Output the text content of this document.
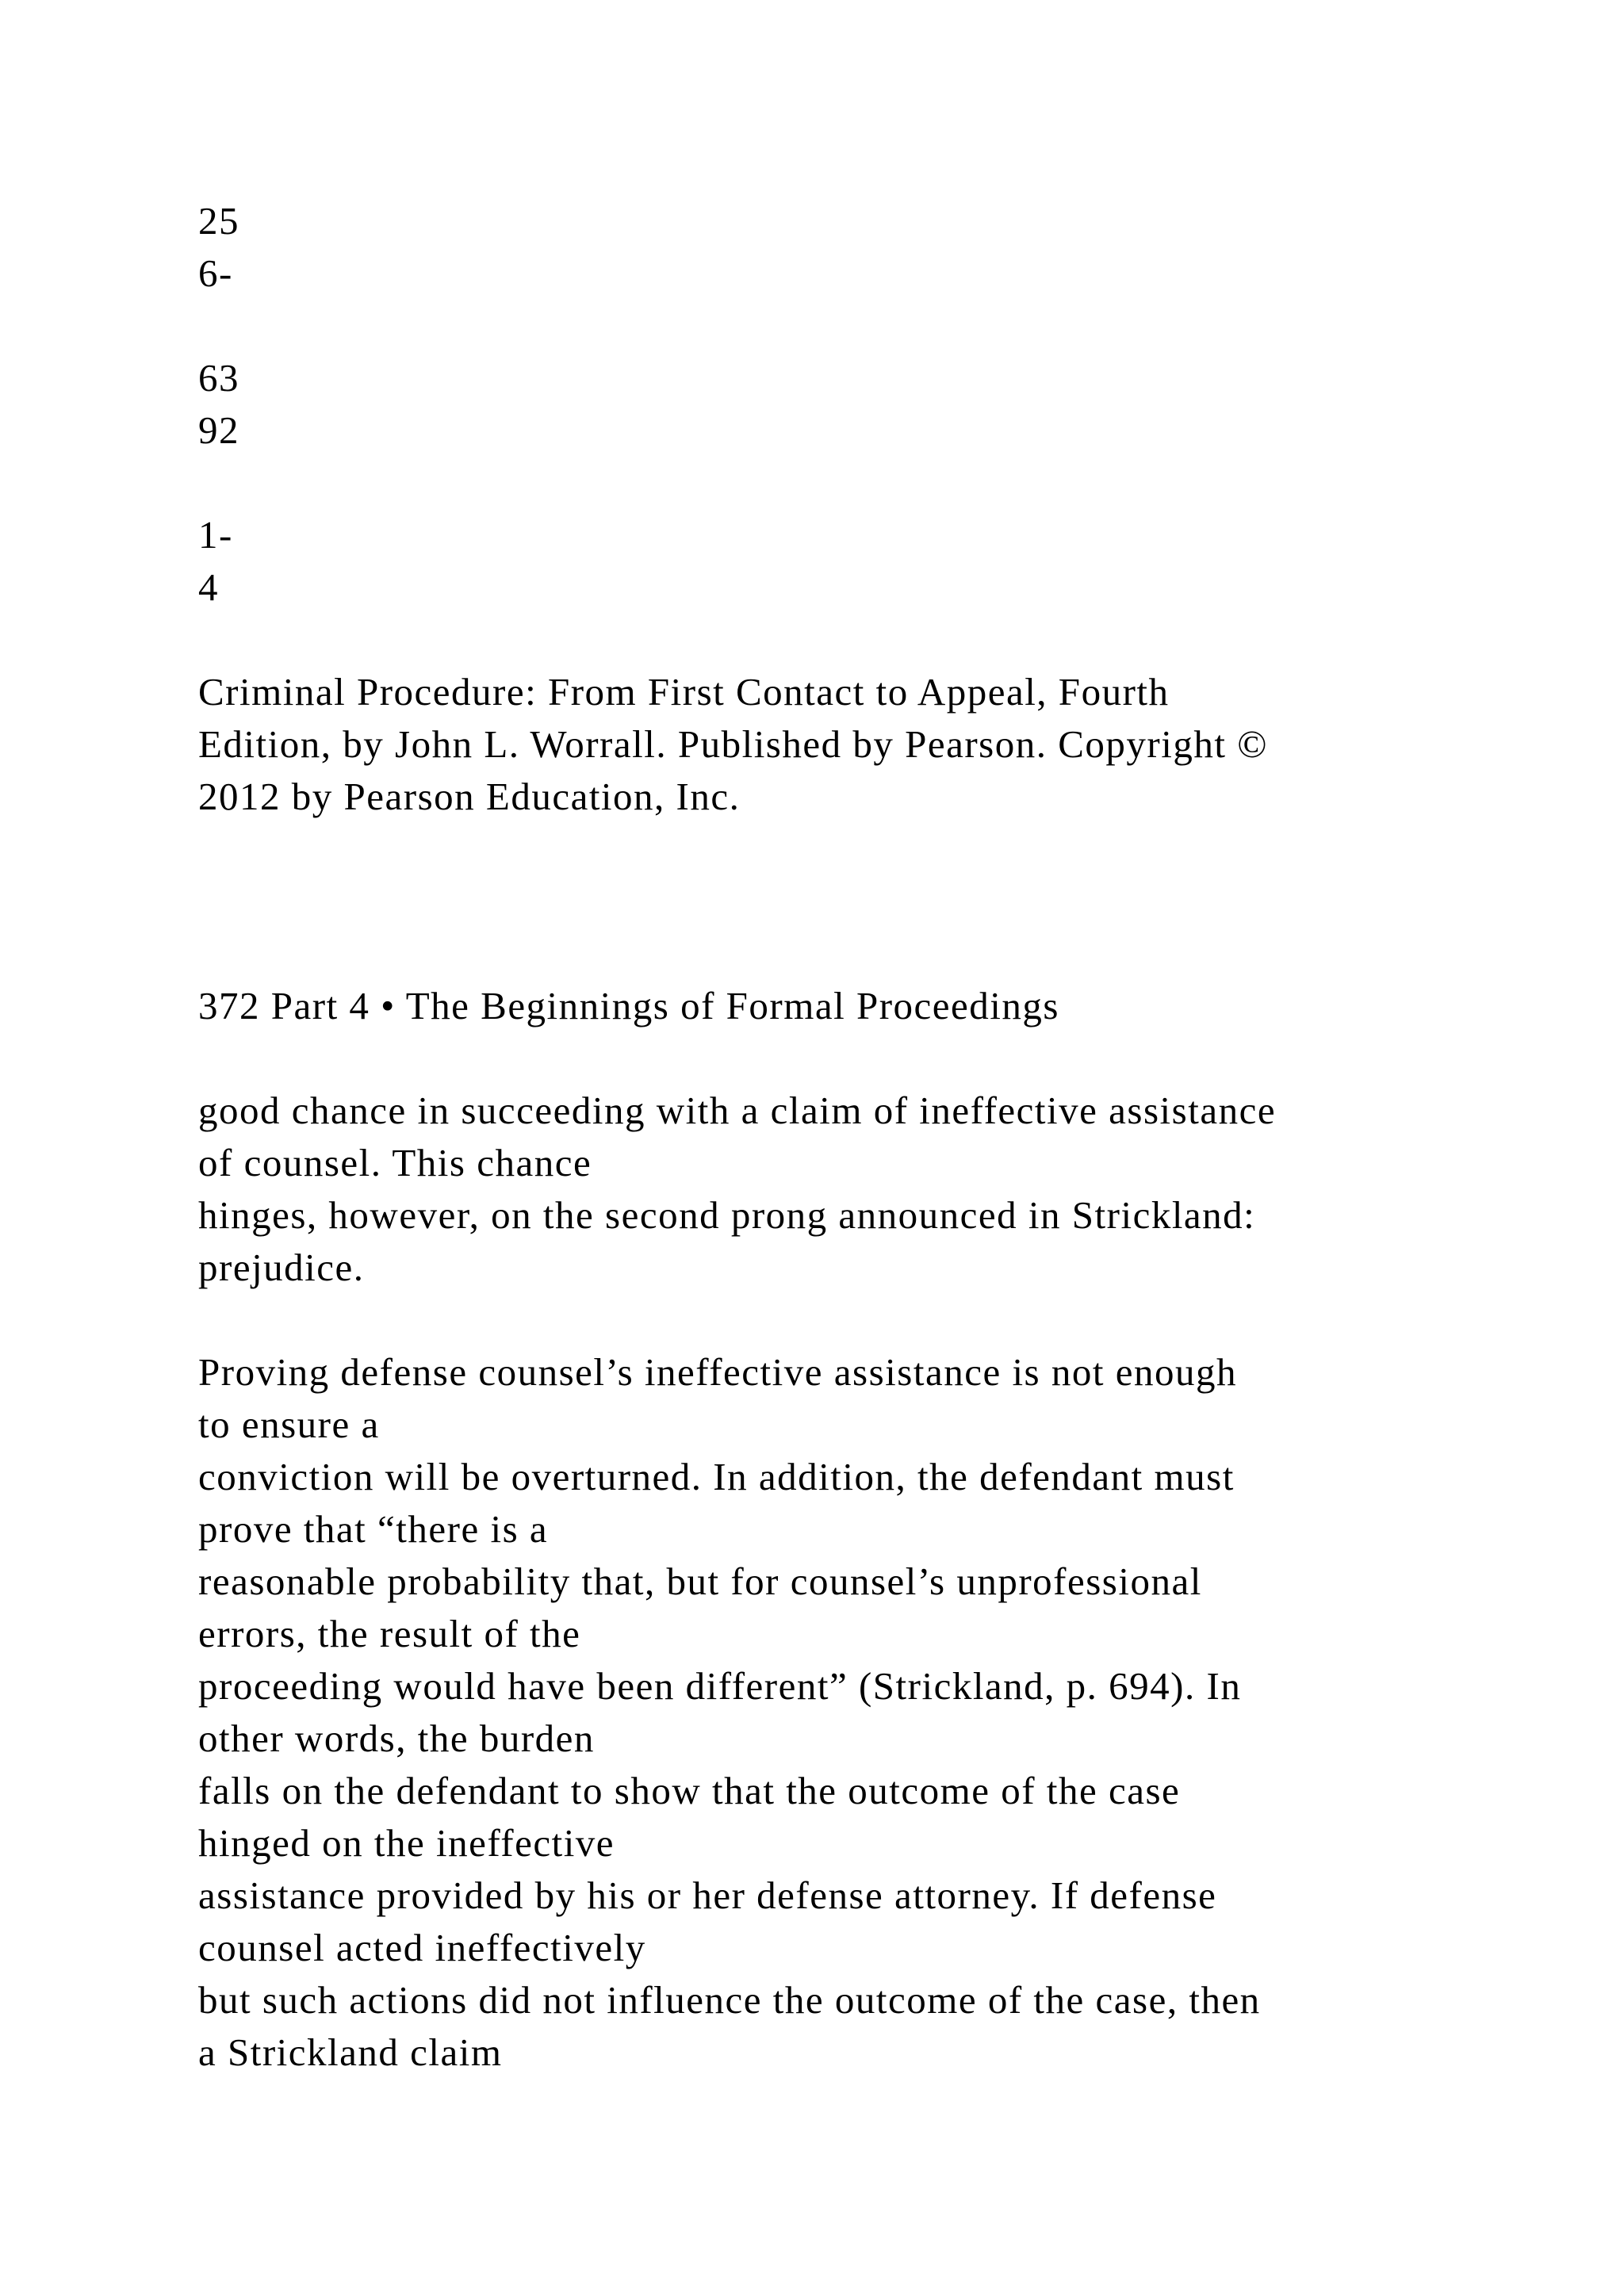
25
6-
63
92
1-
4
Criminal Procedure: From First Contact to Appeal, Fourth
Edition, by John L. Worrall. Published by Pearson. Copyright ©
2012 by Pearson Education, Inc.
372 Part 4 • The Beginnings of Formal Proceedings
good chance in succeeding with a claim of ineffective assistance
of counsel. This chance
hinges, however, on the second prong announced in Strickland:
prejudice.
Proving defense counsel’s ineffective assistance is not enough
to ensure a
conviction will be overturned. In addition, the defendant must
prove that “there is a
reasonable probability that, but for counsel’s unprofessional
errors, the result of the
proceeding would have been different” (Strickland, p. 694). In
other words, the burden
falls on the defendant to show that the outcome of the case
hinged on the ineffective
assistance provided by his or her defense attorney. If defense
counsel acted ineffectively
but such actions did not influence the outcome of the case, then
a Strickland claim
